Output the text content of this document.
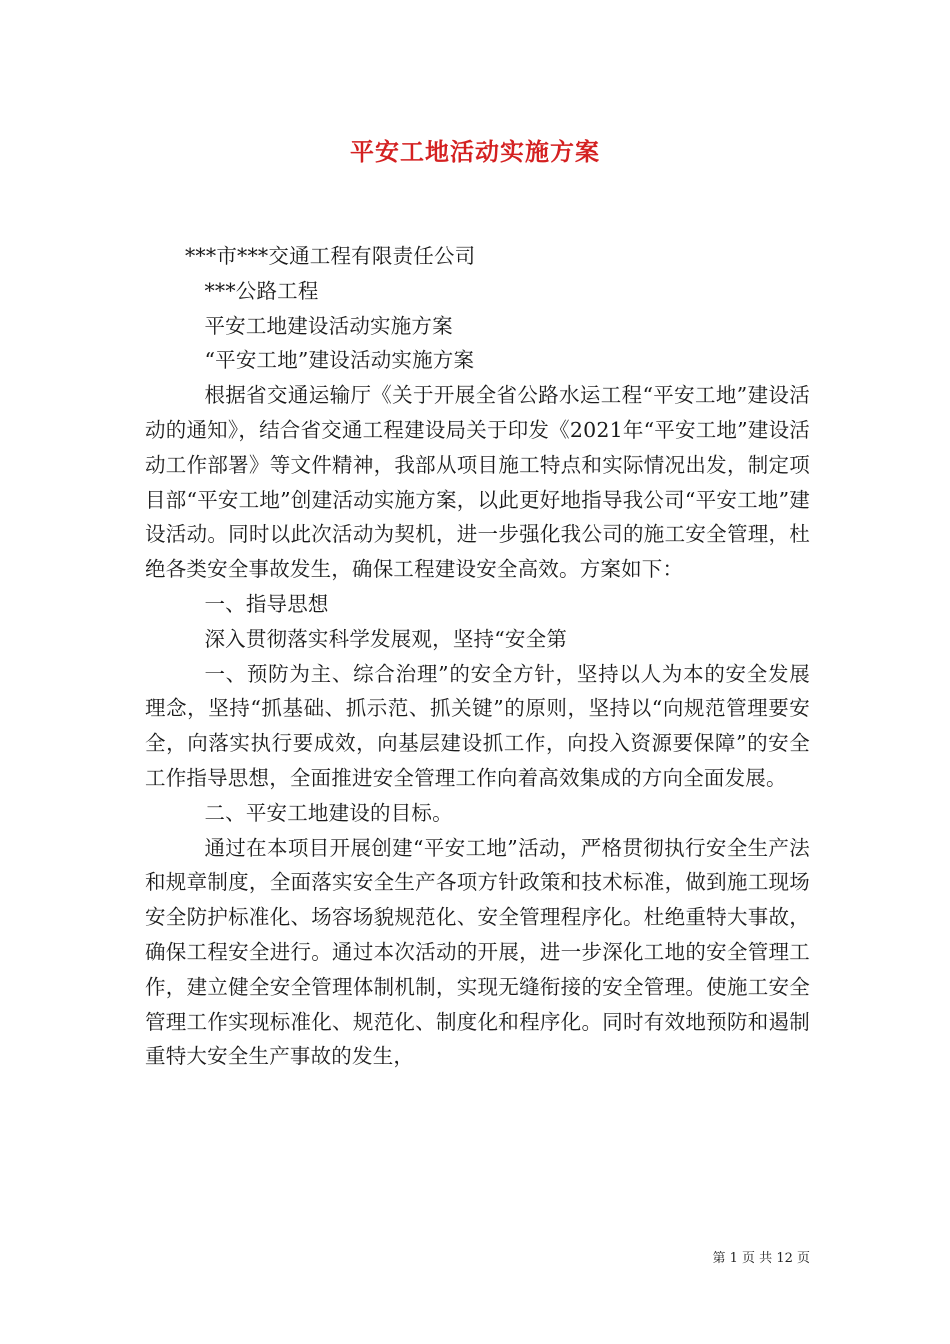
平安工地活动实施方案

***市***交通工程有限责任公司

***公路工程

平安工地建设活动实施方案

“平安工地”建设活动实施方案

根据省交通运输厅《关于开展全省公路水运工程“平安工地”建设活动的通知》，结合省交通工程建设局关于印发《2021年“平安工地”建设活动工作部署》等文件精神，我部从项目施工特点和实际情况出发，制定项目部“平安工地”创建活动实施方案，以此更好地指导我公司“平安工地”建设活动。同时以此次活动为契机，进一步强化我公司的施工安全管理，杜绝各类安全事故发生，确保工程建设安全高效。方案如下：

一、指导思想

深入贯彻落实科学发展观，坚持“安全第

一、预防为主、综合治理”的安全方针，坚持以人为本的安全发展理念，坚持“抓基础、抓示范、抓关键”的原则，坚持以“向规范管理要安全，向落实执行要成效，向基层建设抓工作，向投入资源要保障”的安全工作指导思想，全面推进安全管理工作向着高效集成的方向全面发展。

二、平安工地建设的目标。

通过在本项目开展创建“平安工地”活动，严格贯彻执行安全生产法和规章制度，全面落实安全生产各项方针政策和技术标准，做到施工现场安全防护标准化、场容场貌规范化、安全管理程序化。杜绝重特大事故，确保工程安全进行。通过本次活动的开展，进一步深化工地的安全管理工作，建立健全安全管理体制机制，实现无缝衔接的安全管理。使施工安全管理工作实现标准化、规范化、制度化和程序化。同时有效地预防和遏制重特大安全生产事故的发生，

第 1 页 共 12 页
